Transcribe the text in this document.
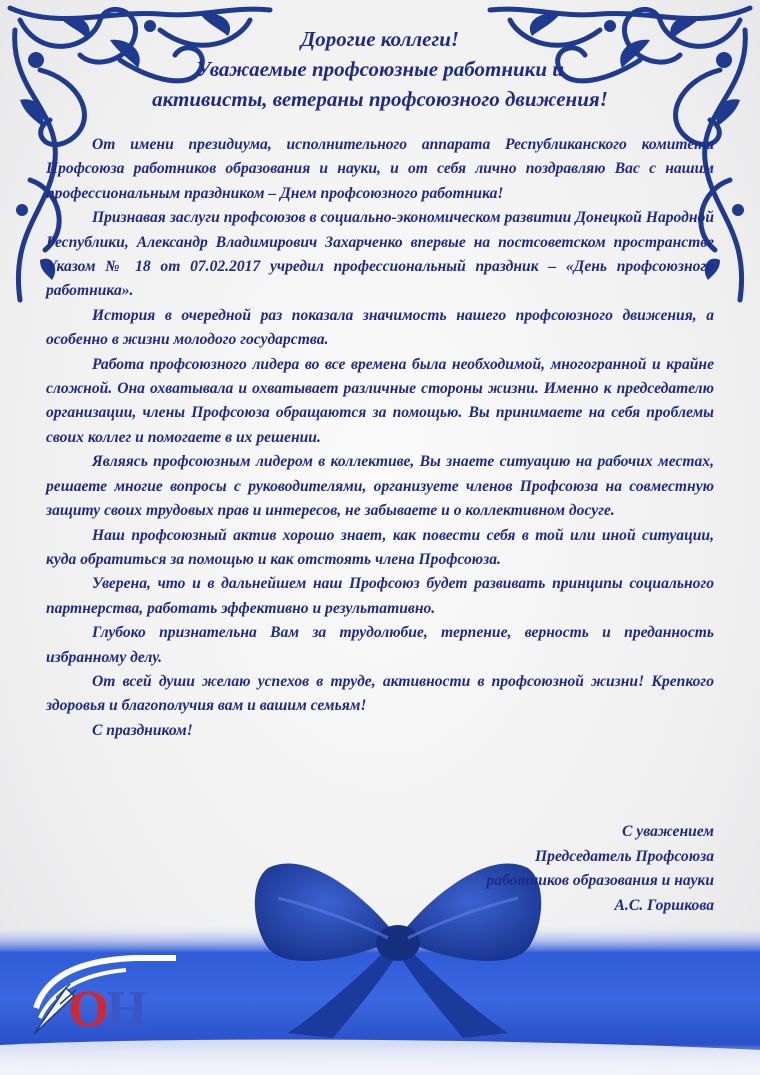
Дорогие коллеги!
Уважаемые профсоюзные работники и
активисты, ветераны профсоюзного движения!

От имени президиума, исполнительного аппарата Республиканского комитета Профсоюза работников образования и науки, и от себя лично поздравляю Вас с нашим профессиональным праздником – Днем профсоюзного работника!

Признавая заслуги профсоюзов в социально-экономическом развитии Донецкой Народной Республики, Александр Владимирович Захарченко впервые на постсоветском пространстве Указом № 18 от 07.02.2017 учредил профессиональный праздник – «День профсоюзного работника».

История в очередной раз показала значимость нашего профсоюзного движения, а особенно в жизни молодого государства.

Работа профсоюзного лидера во все времена была необходимой, многогранной и крайне сложной. Она охватывала и охватывает различные стороны жизни. Именно к председателю организации, члены Профсоюза обращаются за помощью. Вы принимаете на себя проблемы своих коллег и помогаете в их решении.

Являясь профсоюзным лидером в коллективе, Вы знаете ситуацию на рабочих местах, решаете многие вопросы с руководителями, организуете членов Профсоюза на совместную защиту своих трудовых прав и интересов, не забываете и о коллективном досуге.

Наш профсоюзный актив хорошо знает, как повести себя в той или иной ситуации, куда обратиться за помощью и как отстоять члена Профсоюза.

Уверена, что и в дальнейшем наш Профсоюз будет развивать принципы социального партнерства, работать эффективно и результативно.

Глубоко признательна Вам за трудолюбие, терпение, верность и преданность избранному делу.

От всей души желаю успехов в труде, активности в профсоюзной жизни! Крепкого здоровья и благополучия вам и вашим семьям!

С праздником!

С уважением
Председатель Профсоюза
работников образования и науки
А.С. Горшкова
ОН
